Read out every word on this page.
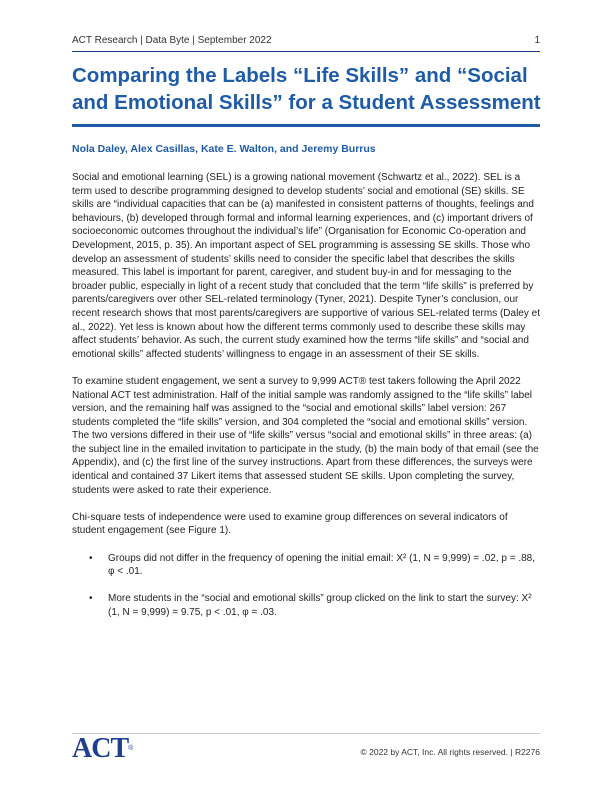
ACT Research | Data Byte | September 2022	1
Comparing the Labels “Life Skills” and “Social and Emotional Skills” for a Student Assessment
Nola Daley, Alex Casillas, Kate E. Walton, and Jeremy Burrus

Social and emotional learning (SEL) is a growing national movement (Schwartz et al., 2022). SEL is a term used to describe programming designed to develop students’ social and emotional (SE) skills. SE skills are “individual capacities that can be (a) manifested in consistent patterns of thoughts, feelings and behaviours, (b) developed through formal and informal learning experiences, and (c) important drivers of socioeconomic outcomes throughout the individual’s life” (Organisation for Economic Co-operation and Development, 2015, p. 35). An important aspect of SEL programming is assessing SE skills. Those who develop an assessment of students’ skills need to consider the specific label that describes the skills measured. This label is important for parent, caregiver, and student buy-in and for messaging to the broader public, especially in light of a recent study that concluded that the term “life skills” is preferred by parents/caregivers over other SEL-related terminology (Tyner, 2021). Despite Tyner’s conclusion, our recent research shows that most parents/caregivers are supportive of various SEL-related terms (Daley et al., 2022). Yet less is known about how the different terms commonly used to describe these skills may affect students’ behavior. As such, the current study examined how the terms “life skills” and “social and emotional skills” affected students’ willingness to engage in an assessment of their SE skills.

To examine student engagement, we sent a survey to 9,999 ACT® test takers following the April 2022 National ACT test administration. Half of the initial sample was randomly assigned to the “life skills” label version, and the remaining half was assigned to the “social and emotional skills” label version: 267 students completed the “life skills” version, and 304 completed the “social and emotional skills” version. The two versions differed in their use of “life skills” versus “social and emotional skills” in three areas: (a) the subject line in the emailed invitation to participate in the study, (b) the main body of that email (see the Appendix), and (c) the first line of the survey instructions. Apart from these differences, the surveys were identical and contained 37 Likert items that assessed student SE skills. Upon completing the survey, students were asked to rate their experience.

Chi-square tests of independence were used to examine group differences on several indicators of student engagement (see Figure 1).

• Groups did not differ in the frequency of opening the initial email: X² (1, N = 9,999) = .02, p = .88, φ < .01.
• More students in the “social and emotional skills” group clicked on the link to start the survey: X² (1, N = 9,999) = 9.75, p < .01, φ = .03.
ACT®	© 2022 by ACT, Inc. All rights reserved. | R2276
